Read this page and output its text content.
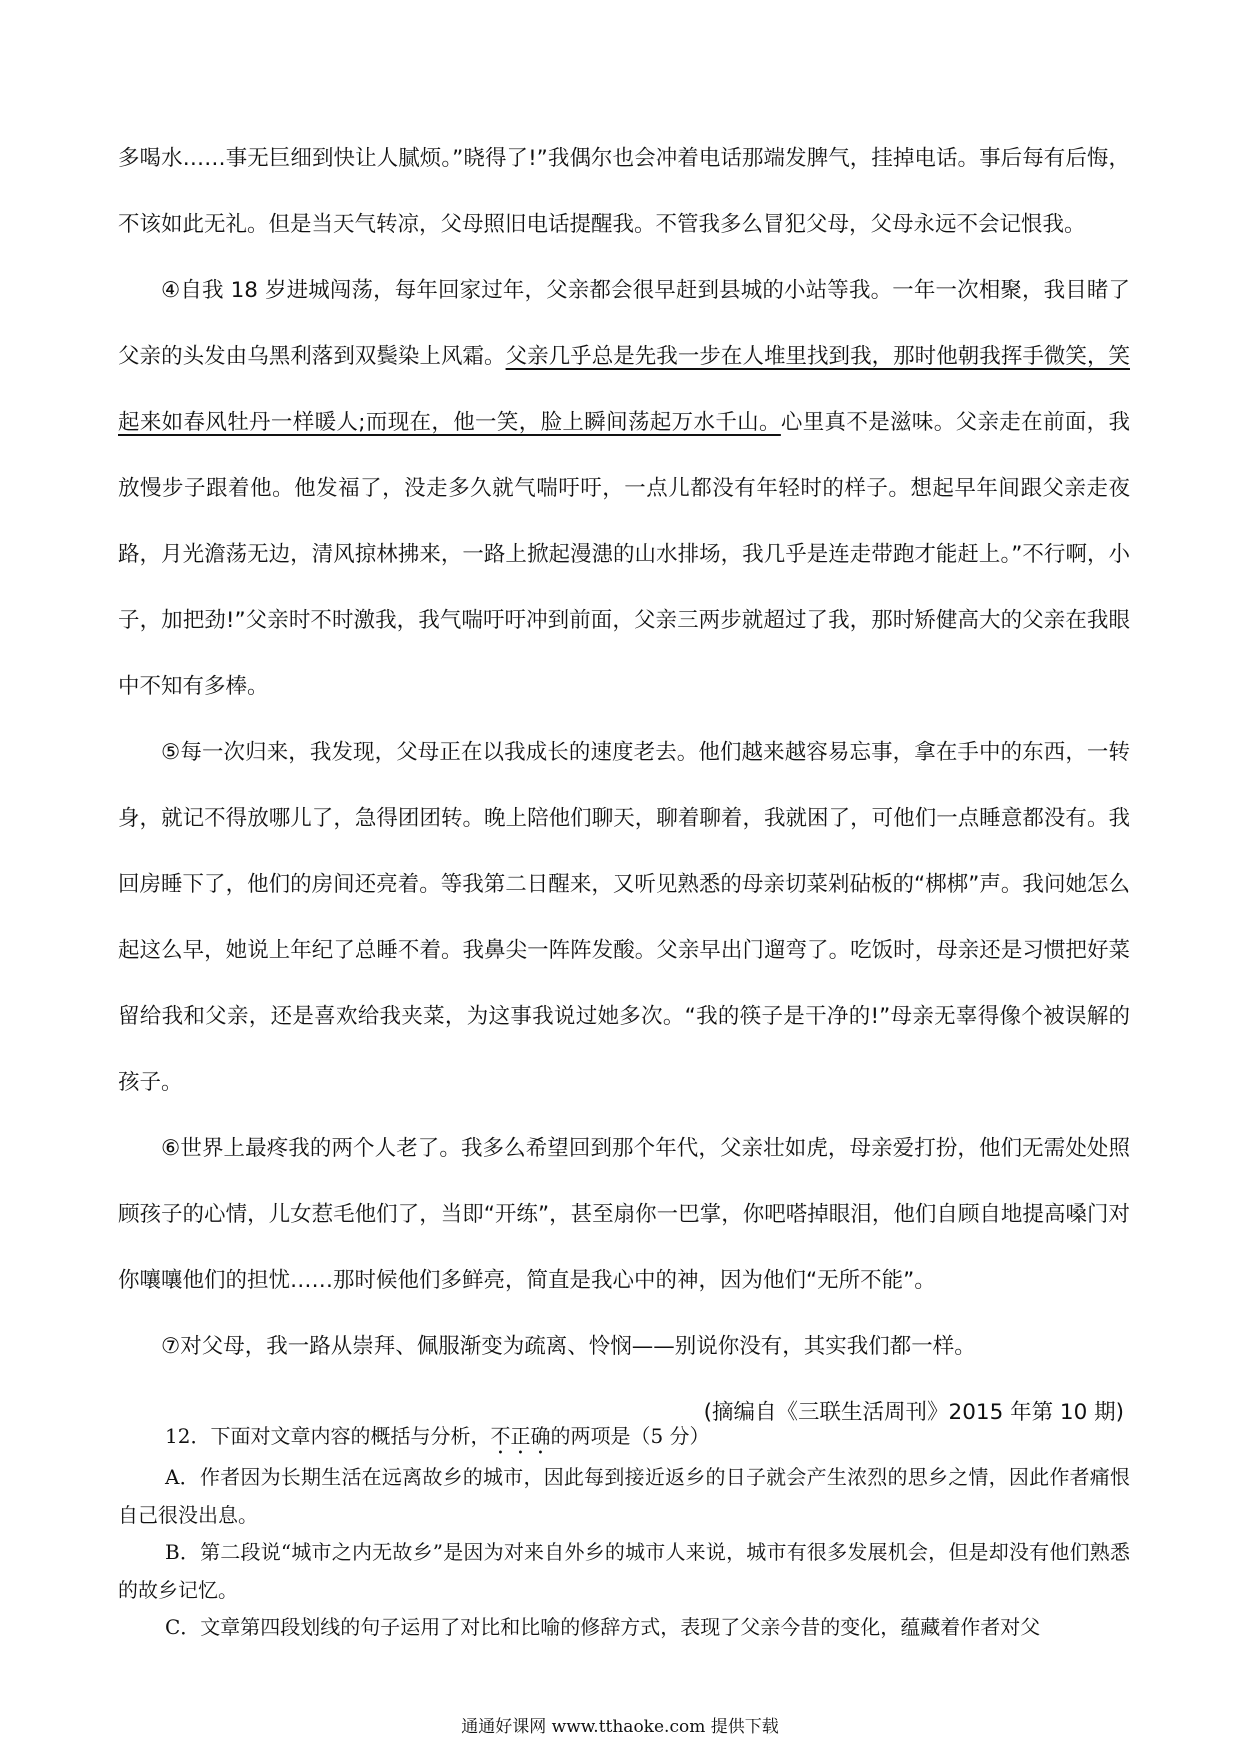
多喝水……事无巨细到快让人腻烦。”晓得了!”我偶尔也会冲着电话那端发脾气，挂掉电话。事后每有后悔，不该如此无礼。但是当天气转凉，父母照旧电话提醒我。不管我多么冒犯父母，父母永远不会记恨我。

④自我 18 岁进城闯荡，每年回家过年，父亲都会很早赶到县城的小站等我。一年一次相聚，我目睹了父亲的头发由乌黑利落到双鬓染上风霜。父亲几乎总是先我一步在人堆里找到我，那时他朝我挥手微笑，笑起来如春风牡丹一样暖人;而现在，他一笑，脸上瞬间荡起万水千山。心里真不是滋味。父亲走在前面，我放慢步子跟着他。他发福了，没走多久就气喘吁吁，一点儿都没有年轻时的样子。想起早年间跟父亲走夜路，月光澹荡无边，清风掠林拂来，一路上掀起漫漶的山水排场，我几乎是连走带跑才能赶上。”不行啊，小子，加把劲!”父亲时不时激我，我气喘吁吁冲到前面，父亲三两步就超过了我，那时矫健高大的父亲在我眼中不知有多棒。

⑤每一次归来，我发现，父母正在以我成长的速度老去。他们越来越容易忘事，拿在手中的东西，一转身，就记不得放哪儿了，急得团团转。晚上陪他们聊天，聊着聊着，我就困了，可他们一点睡意都没有。我回房睡下了，他们的房间还亮着。等我第二日醒来，又听见熟悉的母亲切菜剁砧板的“梆梆”声。我问她怎么起这么早，她说上年纪了总睡不着。我鼻尖一阵阵发酸。父亲早出门遛弯了。吃饭时，母亲还是习惯把好菜留给我和父亲，还是喜欢给我夹菜，为这事我说过她多次。“我的筷子是干净的!”母亲无辜得像个被误解的孩子。

⑥世界上最疼我的两个人老了。我多么希望回到那个年代，父亲壮如虎，母亲爱打扮，他们无需处处照顾孩子的心情，儿女惹毛他们了，当即“开练”，甚至扇你一巴掌，你吧嗒掉眼泪，他们自顾自地提高嗓门对你嚷嚷他们的担忧……那时候他们多鲜亮，简直是我心中的神，因为他们“无所不能”。

⑦对父母，我一路从崇拜、佩服渐变为疏离、怜悯——别说你没有，其实我们都一样。

(摘编自《三联生活周刊》2015 年第 10 期)

12．下面对文章内容的概括与分析，不正确的两项是（5 分）

A．作者因为长期生活在远离故乡的城市，因此每到接近返乡的日子就会产生浓烈的思乡之情，因此作者痛恨自己很没出息。

B．第二段说“城市之内无故乡”是因为对来自外乡的城市人来说，城市有很多发展机会，但是却没有他们熟悉的故乡记忆。

C．文章第四段划线的句子运用了对比和比喻的修辞方式，表现了父亲今昔的变化，蕴藏着作者对父

通通好课网 www.tthaoke.com 提供下载
